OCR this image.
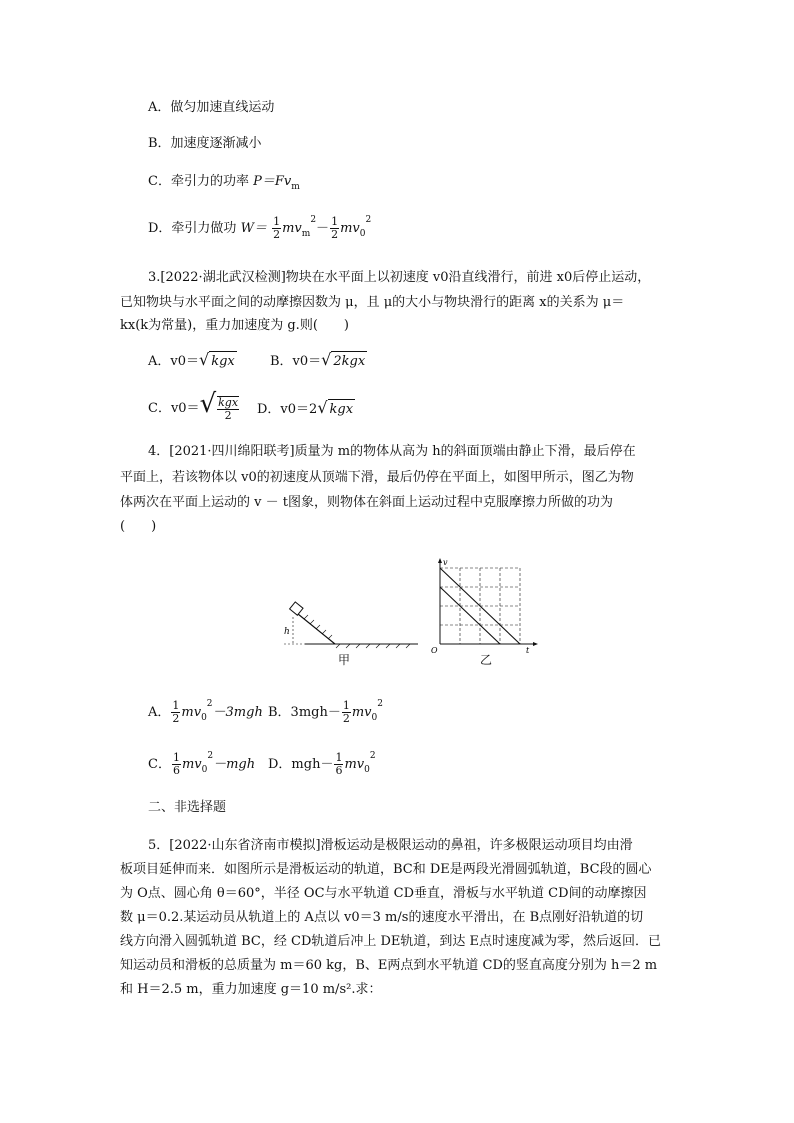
A．做匀加速直线运动
B．加速度逐渐减小
C．牵引力的功率 $P=Fv_m$
D．牵引力做功 $W= \frac{1}{2} mv_m^2- \frac{1}{2} mv_0^2$
3.[2022·湖北武汉检测]物块在水平面上以初速度 v0沿直线滑行，前进 x0后停止运动，
已知物块与水平面之间的动摩擦因数为 μ，且 μ的大小与物块滑行的距离 x的关系为 μ＝
kx(k为常量)，重力加速度为 g.则(　　)
A．v0＝√ kgx	B．v0＝√ 2kgx
C．$v0=√ \frac{\text{kgx}}{2}$ D．v0＝2√ kgx
4．[2021·四川绵阳联考]质量为 m的物体从高为 h的斜面顶端由静止下滑，最后停在
平面上，若该物体以 v0的初速度从顶端下滑，最后仍停在平面上，如图甲所示，图乙为物
体两次在平面上运动的 v － t图象，则物体在斜面上运动过程中克服摩擦力所做的功为
(　　)
h
甲
v
O	t
乙
A． $\frac{1}{2} mv_0^2-3mgh$ B．$3mgh- \frac{1}{2} mv_0^2$
C． $\frac{1}{6} mv_0^2-mgh$ D．$mgh- \frac{1}{6} mv_0^2$
二、非选择题
5．[2022·山东省济南市模拟]滑板运动是极限运动的鼻祖，许多极限运动项目均由滑
板项目延伸而来．如图所示是滑板运动的轨道，BC和 DE是两段光滑圆弧轨道，BC段的圆心
为 O点、圆心角 θ＝60°，半径 OC与水平轨道 CD垂直，滑板与水平轨道 CD间的动摩擦因
数 μ＝0.2.某运动员从轨道上的 A点以 v0＝3 m/s的速度水平滑出，在 B点刚好沿轨道的切
线方向滑入圆弧轨道 BC，经 CD轨道后冲上 DE轨道，到达 E点时速度减为零，然后返回．已
知运动员和滑板的总质量为 m＝60 kg，B、E两点到水平轨道 CD的竖直高度分别为 h＝2 m
和 H＝2.5 m，重力加速度 g＝10 m/s².求：
